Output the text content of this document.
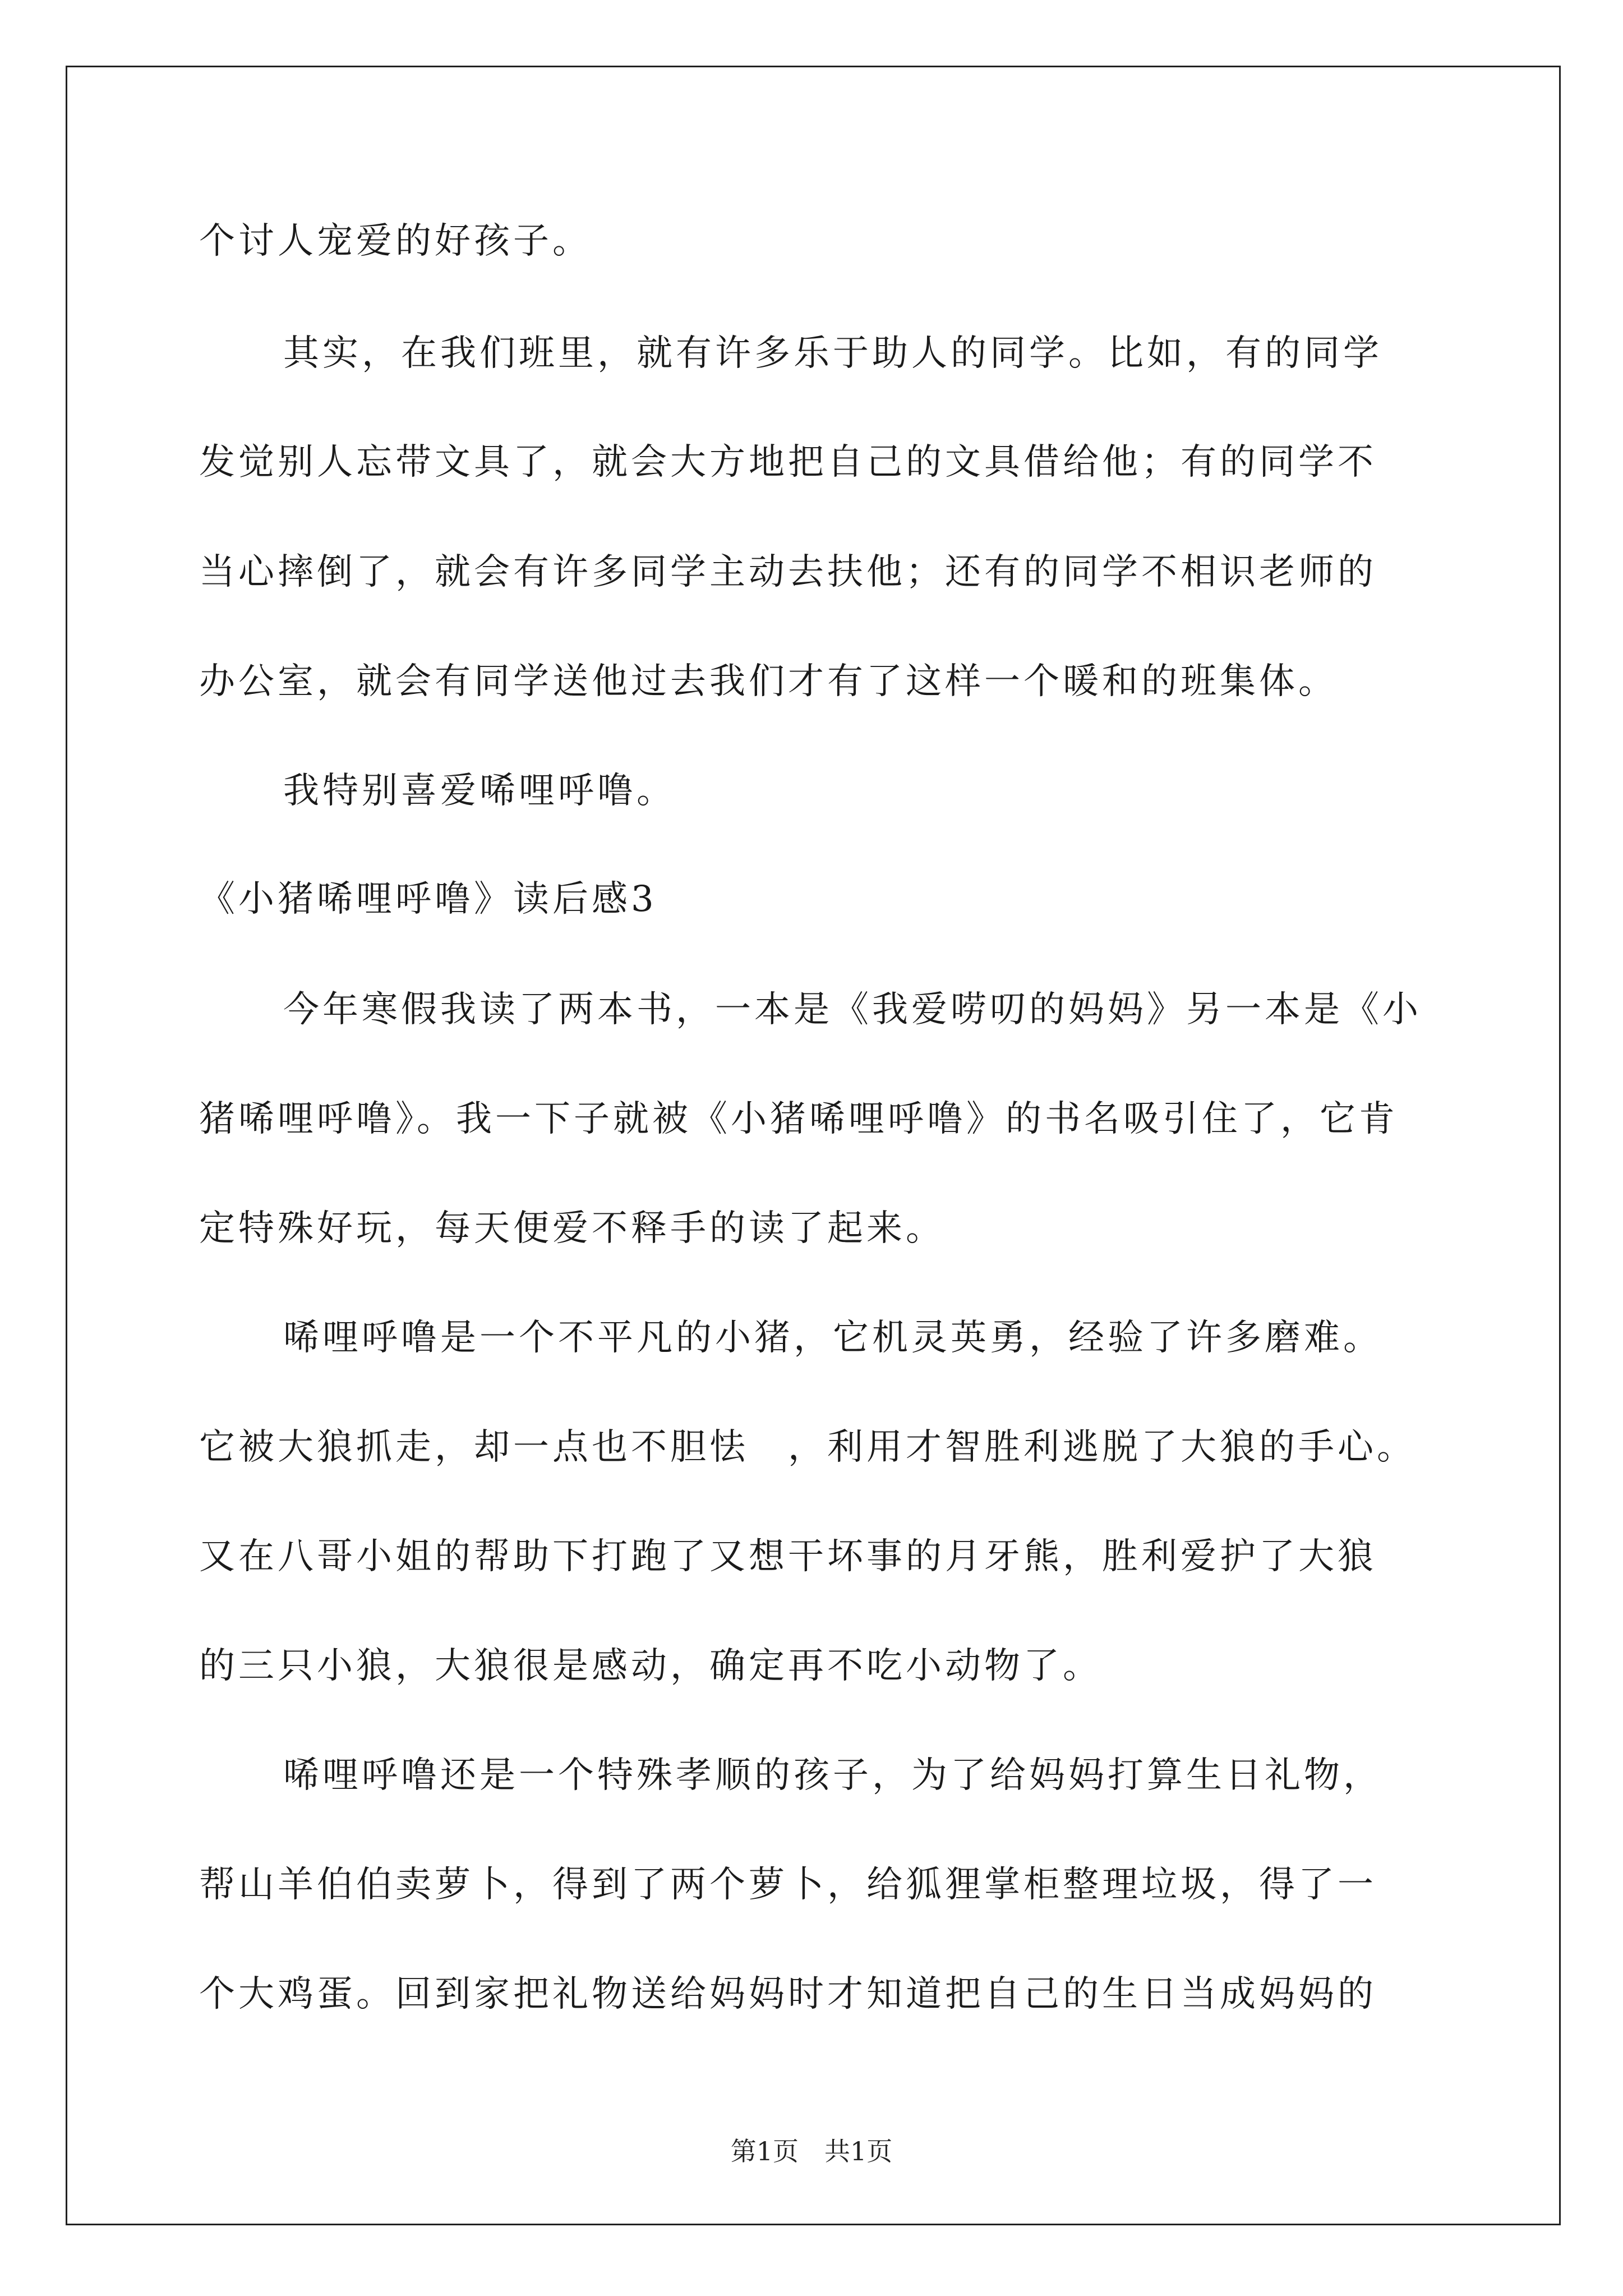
个讨人宠爱的好孩子。
其实，在我们班里，就有许多乐于助人的同学。比如，有的同学
发觉别人忘带文具了，就会大方地把自己的文具借给他；有的同学不
当心摔倒了，就会有许多同学主动去扶他；还有的同学不相识老师的
办公室，就会有同学送他过去我们才有了这样一个暖和的班集体。
我特别喜爱唏哩呼噜。
《小猪唏哩呼噜》读后感3
今年寒假我读了两本书，一本是《我爱唠叨的妈妈》另一本是《小
猪唏哩呼噜》。我一下子就被《小猪唏哩呼噜》的书名吸引住了，它肯
定特殊好玩，每天便爱不释手的读了起来。
唏哩呼噜是一个不平凡的小猪，它机灵英勇，经验了许多磨难。
它被大狼抓走，却一点也不胆怯　，利用才智胜利逃脱了大狼的手心。
又在八哥小姐的帮助下打跑了又想干坏事的月牙熊，胜利爱护了大狼
的三只小狼，大狼很是感动，确定再不吃小动物了。
唏哩呼噜还是一个特殊孝顺的孩子，为了给妈妈打算生日礼物，
帮山羊伯伯卖萝卜，得到了两个萝卜，给狐狸掌柜整理垃圾，得了一
个大鸡蛋。回到家把礼物送给妈妈时才知道把自己的生日当成妈妈的
第1页　共1页
